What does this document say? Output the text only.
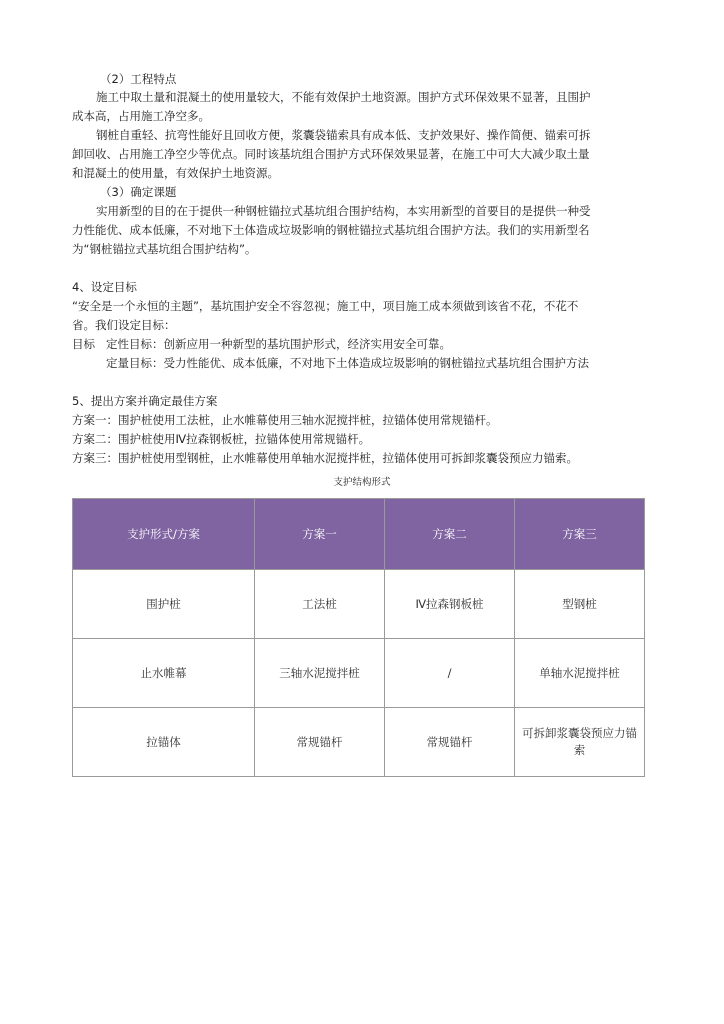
（2）工程特点
施工中取土量和混凝土的使用量较大，不能有效保护土地资源。围护方式环保效果不显著，且围护
成本高，占用施工净空多。
钢桩自重轻、抗弯性能好且回收方便，浆囊袋锚索具有成本低、支护效果好、操作简便、锚索可拆
卸回收、占用施工净空少等优点。同时该基坑组合围护方式环保效果显著，在施工中可大大减少取土量
和混凝土的使用量，有效保护土地资源。
（3）确定课题
实用新型的目的在于提供一种钢桩锚拉式基坑组合围护结构，本实用新型的首要目的是提供一种受
力性能优、成本低廉，不对地下土体造成垃圾影响的钢桩锚拉式基坑组合围护方法。我们的实用新型名
为“钢桩锚拉式基坑组合围护结构”。
4、设定目标
“安全是一个永恒的主题”，基坑围护安全不容忽视；施工中，项目施工成本须做到该省不花，不花不
省。我们设定目标：
目标 定性目标：创新应用一种新型的基坑围护形式，经济实用安全可靠。
定量目标：受力性能优、成本低廉，不对地下土体造成垃圾影响的钢桩锚拉式基坑组合围护方法
5、提出方案并确定最佳方案
方案一：围护桩使用工法桩，止水帷幕使用三轴水泥搅拌桩，拉锚体使用常规锚杆。
方案二：围护桩使用Ⅳ拉森钢板桩，拉锚体使用常规锚杆。
方案三：围护桩使用型钢桩，止水帷幕使用单轴水泥搅拌桩，拉锚体使用可拆卸浆囊袋预应力锚索。
支护结构形式
支护形式/方案	方案一	方案二	方案三
围护桩	工法桩	Ⅳ拉森钢板桩	型钢桩
止水帷幕	三轴水泥搅拌桩	/	单轴水泥搅拌桩
拉锚体	常规锚杆	常规锚杆	可拆卸浆囊袋预应力锚索
